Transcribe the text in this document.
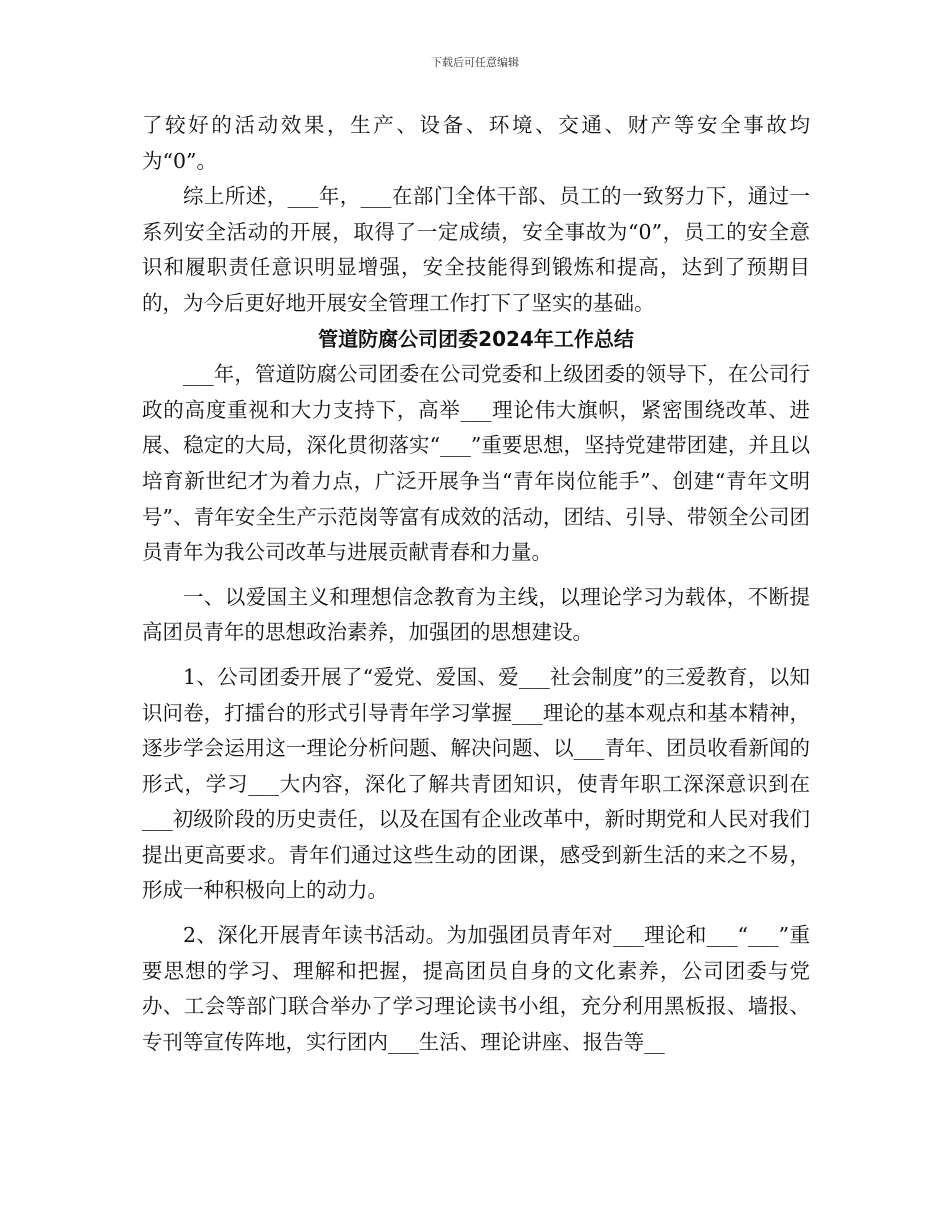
下载后可任意编辑

了较好的活动效果，生产、设备、环境、交通、财产等安全事故均为“0”。

综上所述，___年，___在部门全体干部、员工的一致努力下，通过一系列安全活动的开展，取得了一定成绩，安全事故为“0”，员工的安全意识和履职责任意识明显增强，安全技能得到锻炼和提高，达到了预期目的，为今后更好地开展安全管理工作打下了坚实的基础。

管道防腐公司团委2024年工作总结

___年，管道防腐公司团委在公司党委和上级团委的领导下，在公司行政的高度重视和大力支持下，高举___理论伟大旗帜，紧密围绕改革、进展、稳定的大局，深化贯彻落实“___”重要思想，坚持党建带团建，并且以培育新世纪才为着力点，广泛开展争当“青年岗位能手”、创建“青年文明号”、青年安全生产示范岗等富有成效的活动，团结、引导、带领全公司团员青年为我公司改革与进展贡献青春和力量。

一、以爱国主义和理想信念教育为主线，以理论学习为载体，不断提高团员青年的思想政治素养，加强团的思想建设。

1、公司团委开展了“爱党、爱国、爱___社会制度”的三爱教育，以知识问卷，打擂台的形式引导青年学习掌握___理论的基本观点和基本精神，逐步学会运用这一理论分析问题、解决问题、以___青年、团员收看新闻的形式，学习___大内容，深化了解共青团知识，使青年职工深深意识到在___初级阶段的历史责任，以及在国有企业改革中，新时期党和人民对我们提出更高要求。青年们通过这些生动的团课，感受到新生活的来之不易，形成一种积极向上的动力。

2、深化开展青年读书活动。为加强团员青年对___理论和___“___”重要思想的学习、理解和把握，提高团员自身的文化素养，公司团委与党办、工会等部门联合举办了学习理论读书小组，充分利用黑板报、墙报、专刊等宣传阵地，实行团内___生活、理论讲座、报告等__
